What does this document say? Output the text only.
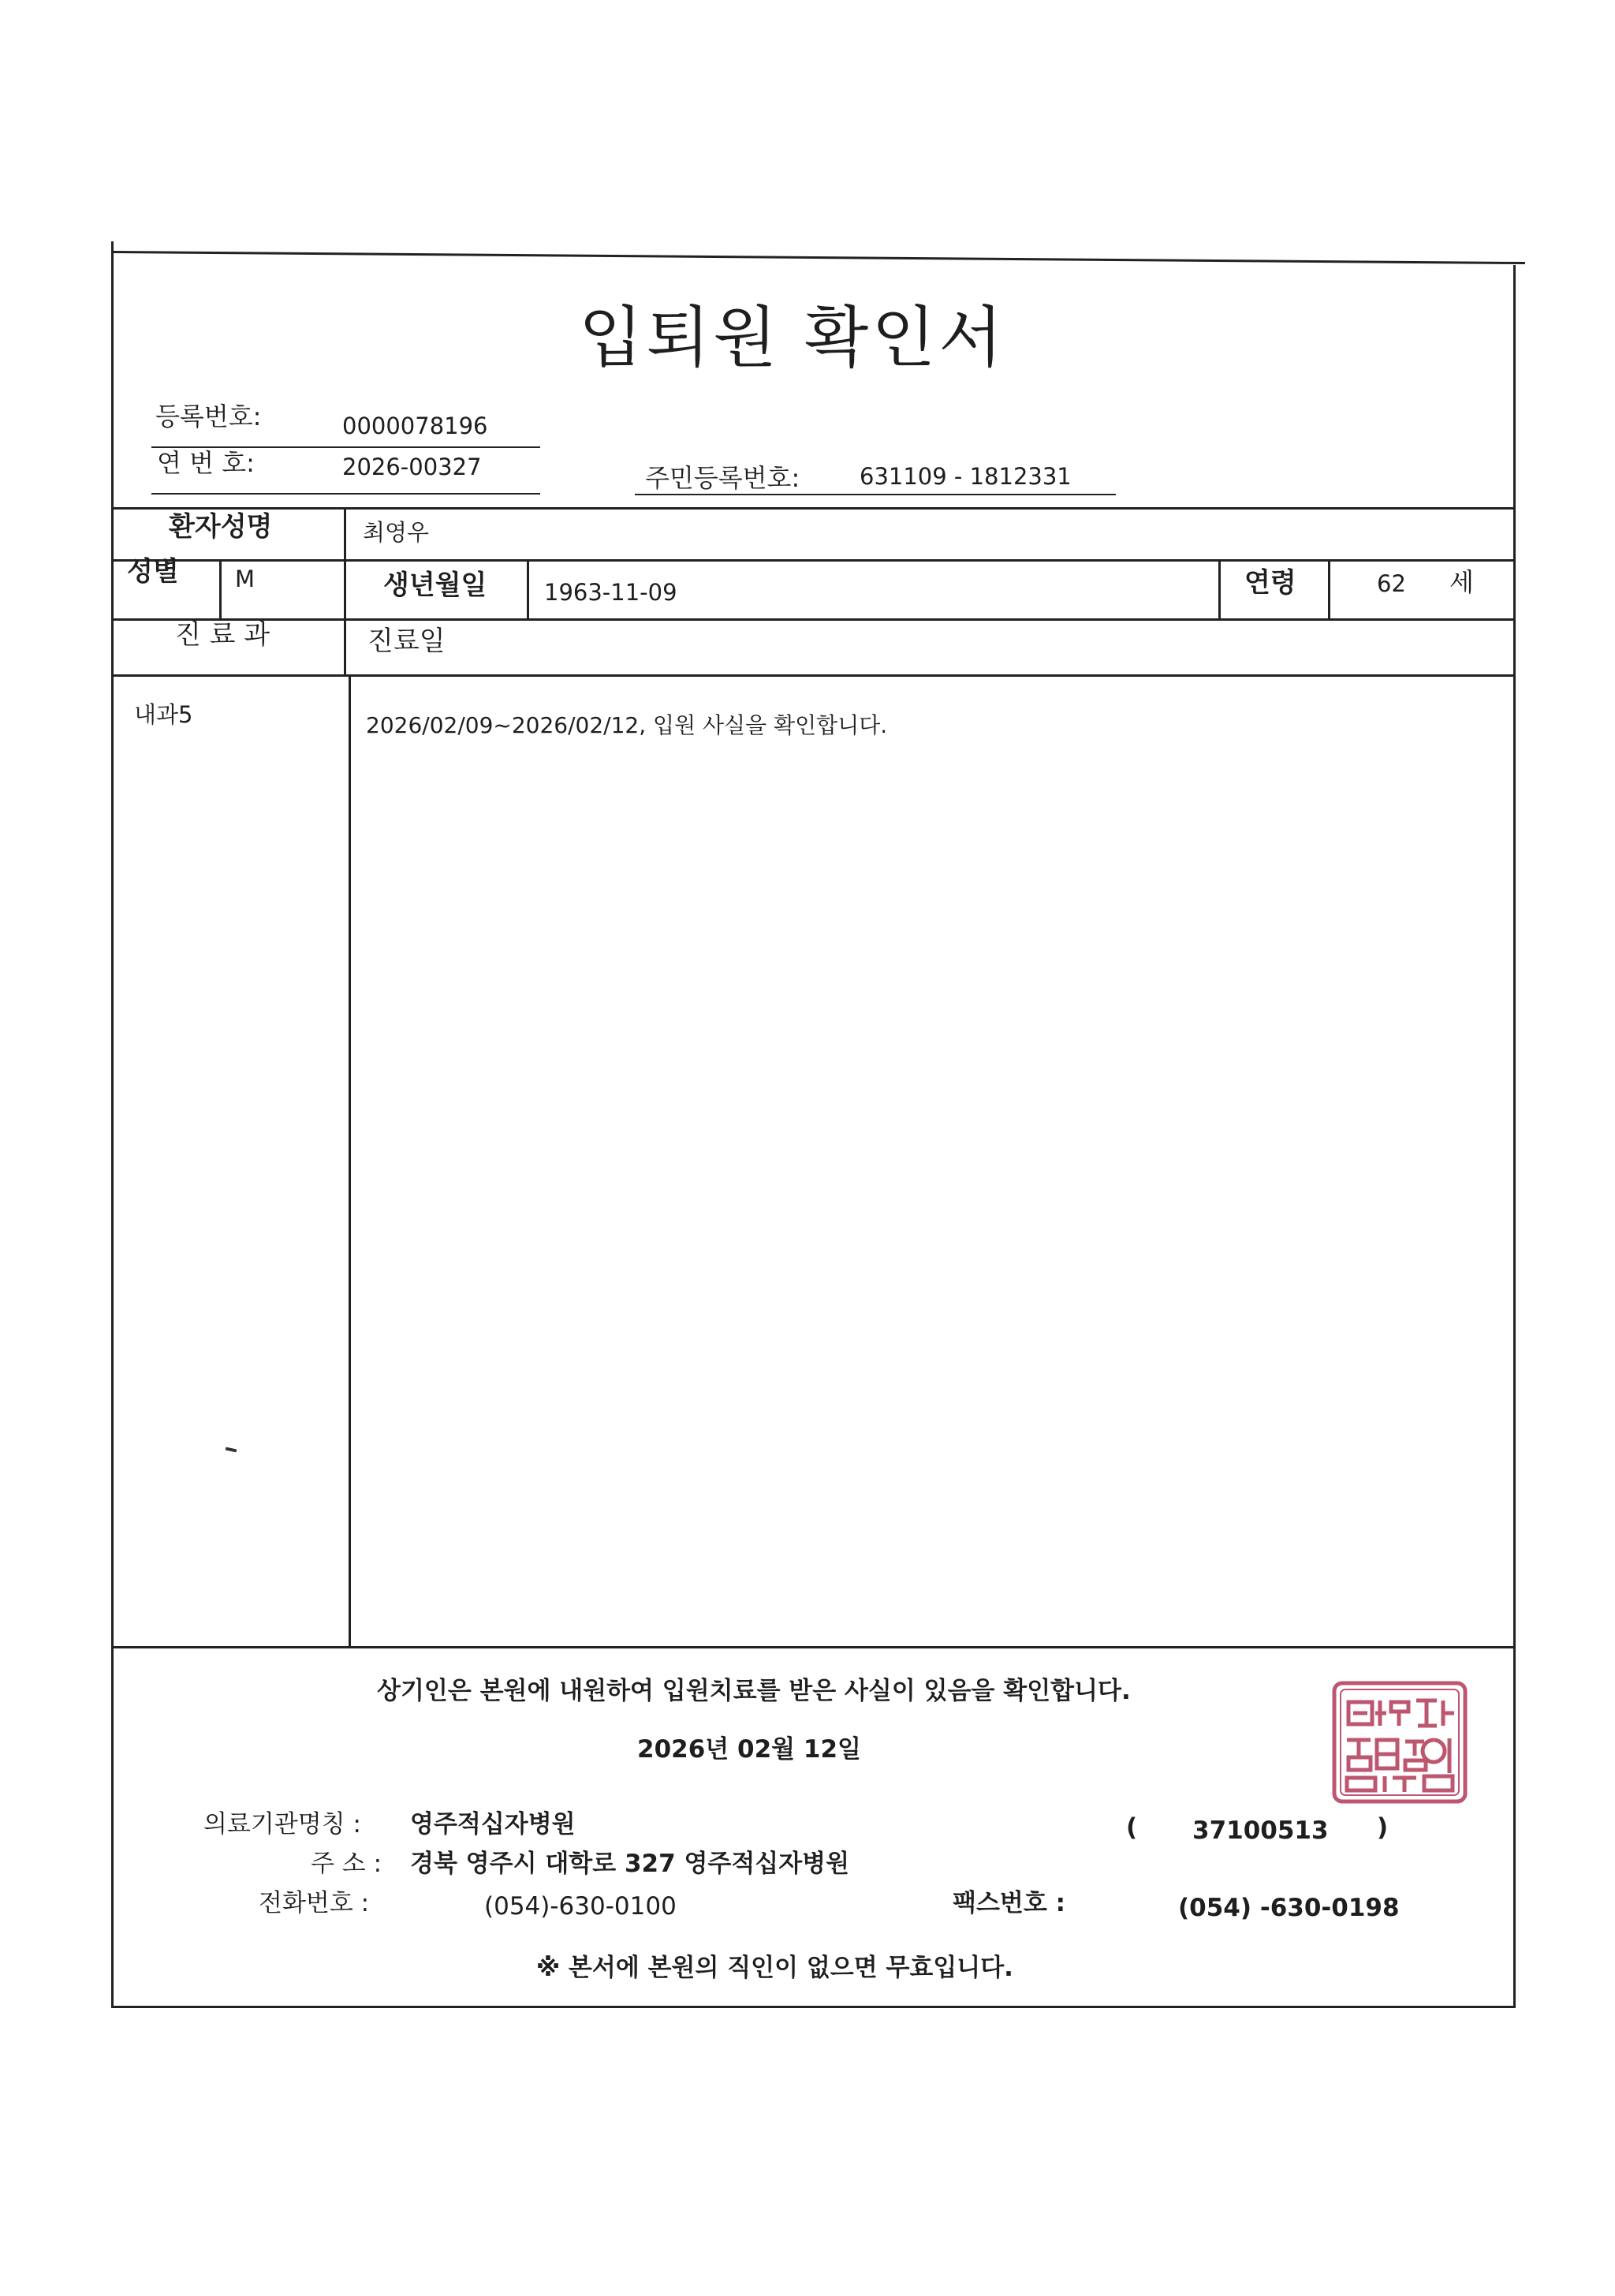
입퇴원 확인서
등록번호:	0000078196
연 번 호:	2026-00327	주민등록번호:	631109 - 1812331
환자성명	최영우
성별 M	생년월일	1963-11-09	연령	62 세
진 료 과	진료일
내과5	2026/02/09~2026/02/12, 입원 사실을 확인합니다.
상기인은 본원에 내원하여 입원치료를 받은 사실이 있음을 확인합니다.
2026년 02월 12일
의료기관명칭 : 영주적십자병원	( 37100513 )
주 소 : 경북 영주시 대학로 327 영주적십자병원
전화번호 :	(054)-630-0100	팩스번호 :	(054) -630-0198
※ 본서에 본원의 직인이 없으면 무효입니다.
